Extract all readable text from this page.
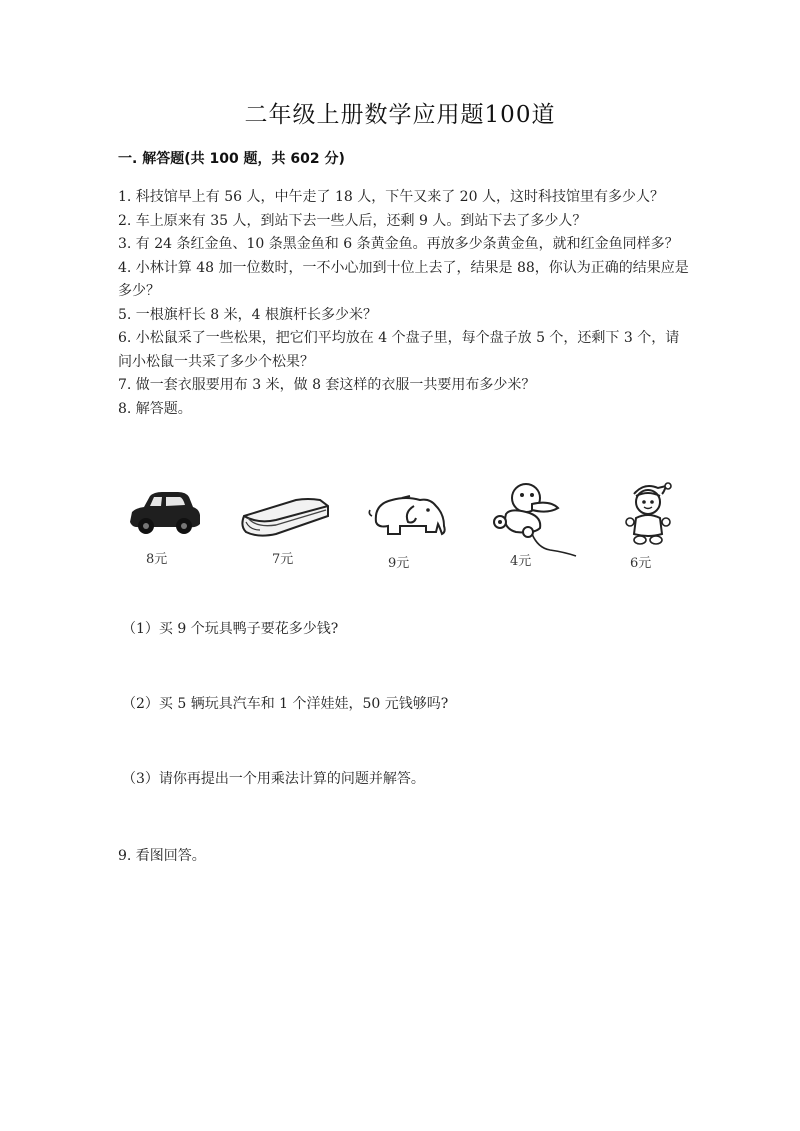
二年级上册数学应用题100道
一. 解答题(共 100 题，共 602 分)

1. 科技馆早上有 56 人，中午走了 18 人，下午又来了 20 人，这时科技馆里有多少人？

2. 车上原来有 35 人，到站下去一些人后，还剩 9 人。到站下去了多少人？

3. 有 24 条红金鱼、10 条黑金鱼和 6 条黄金鱼。再放多少条黄金鱼，就和红金鱼同样多？

4. 小林计算 48 加一位数时，一不小心加到十位上去了，结果是 88，你认为正确的结果应是多少？

5. 一根旗杆长 8 米，4 根旗杆长多少米？

6. 小松鼠采了一些松果，把它们平均放在 4 个盘子里，每个盘子放 5 个，还剩下 3 个，请问小松鼠一共采了多少个松果？

7. 做一套衣服要用布 3 米，做 8 套这样的衣服一共要用布多少米？

8. 解答题。

8元	7元	9元	4元	6元
（1）买 9 个玩具鸭子要花多少钱?
（2）买 5 辆玩具汽车和 1 个洋娃娃，50 元钱够吗?
（3）请你再提出一个用乘法计算的问题并解答。
9. 看图回答。
